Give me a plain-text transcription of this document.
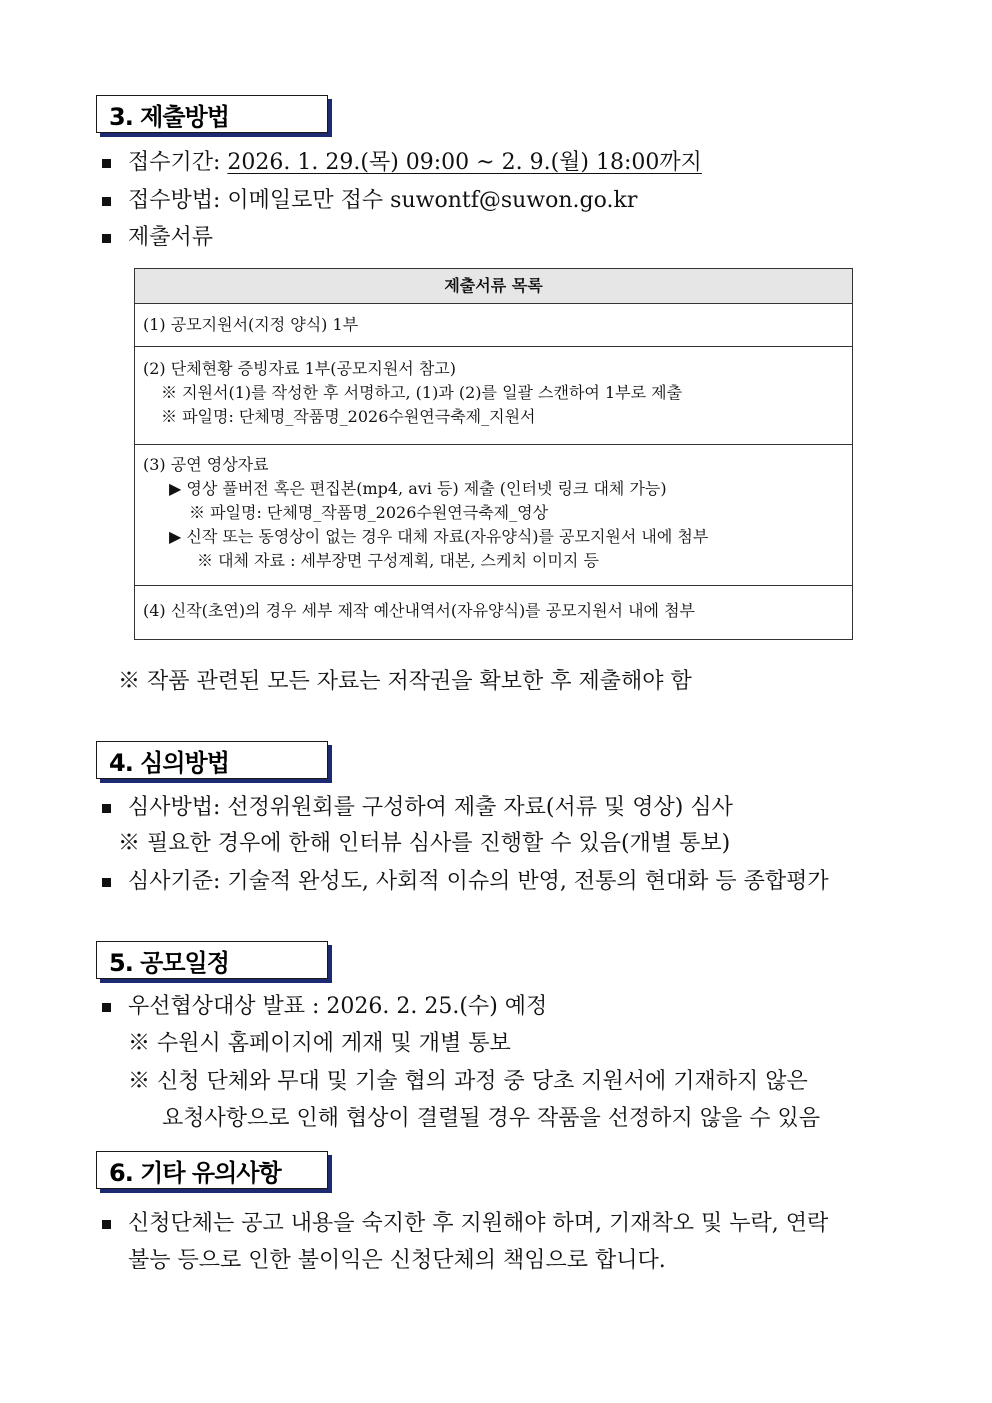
3. 제출방법
접수기간: 2026. 1. 29.(목) 09:00 ~ 2. 9.(월) 18:00까지
접수방법: 이메일로만 접수 suwontf@suwon.go.kr
제출서류
제출서류 목록
(1) 공모지원서(지정 양식) 1부
(2) 단체현황 증빙자료 1부(공모지원서 참고)
※ 지원서(1)를 작성한 후 서명하고, (1)과 (2)를 일괄 스캔하여 1부로 제출
※ 파일명: 단체명_작품명_2026수원연극축제_지원서
(3) 공연 영상자료
▶ 영상 풀버전 혹은 편집본(mp4, avi 등) 제출 (인터넷 링크 대체 가능)
※ 파일명: 단체명_작품명_2026수원연극축제_영상
▶ 신작 또는 동영상이 없는 경우 대체 자료(자유양식)를 공모지원서 내에 첨부
※ 대체 자료 : 세부장면 구성계획, 대본, 스케치 이미지 등
(4) 신작(초연)의 경우 세부 제작 예산내역서(자유양식)를 공모지원서 내에 첨부
※ 작품 관련된 모든 자료는 저작권을 확보한 후 제출해야 함
4. 심의방법
심사방법: 선정위원회를 구성하여 제출 자료(서류 및 영상) 심사
※ 필요한 경우에 한해 인터뷰 심사를 진행할 수 있음(개별 통보)
심사기준: 기술적 완성도, 사회적 이슈의 반영, 전통의 현대화 등 종합평가
5. 공모일정
우선협상대상 발표 : 2026. 2. 25.(수) 예정
※ 수원시 홈페이지에 게재 및 개별 통보
※ 신청 단체와 무대 및 기술 협의 과정 중 당초 지원서에 기재하지 않은
요청사항으로 인해 협상이 결렬될 경우 작품을 선정하지 않을 수 있음
6. 기타 유의사항
신청단체는 공고 내용을 숙지한 후 지원해야 하며, 기재착오 및 누락, 연락
불능 등으로 인한 불이익은 신청단체의 책임으로 합니다.
